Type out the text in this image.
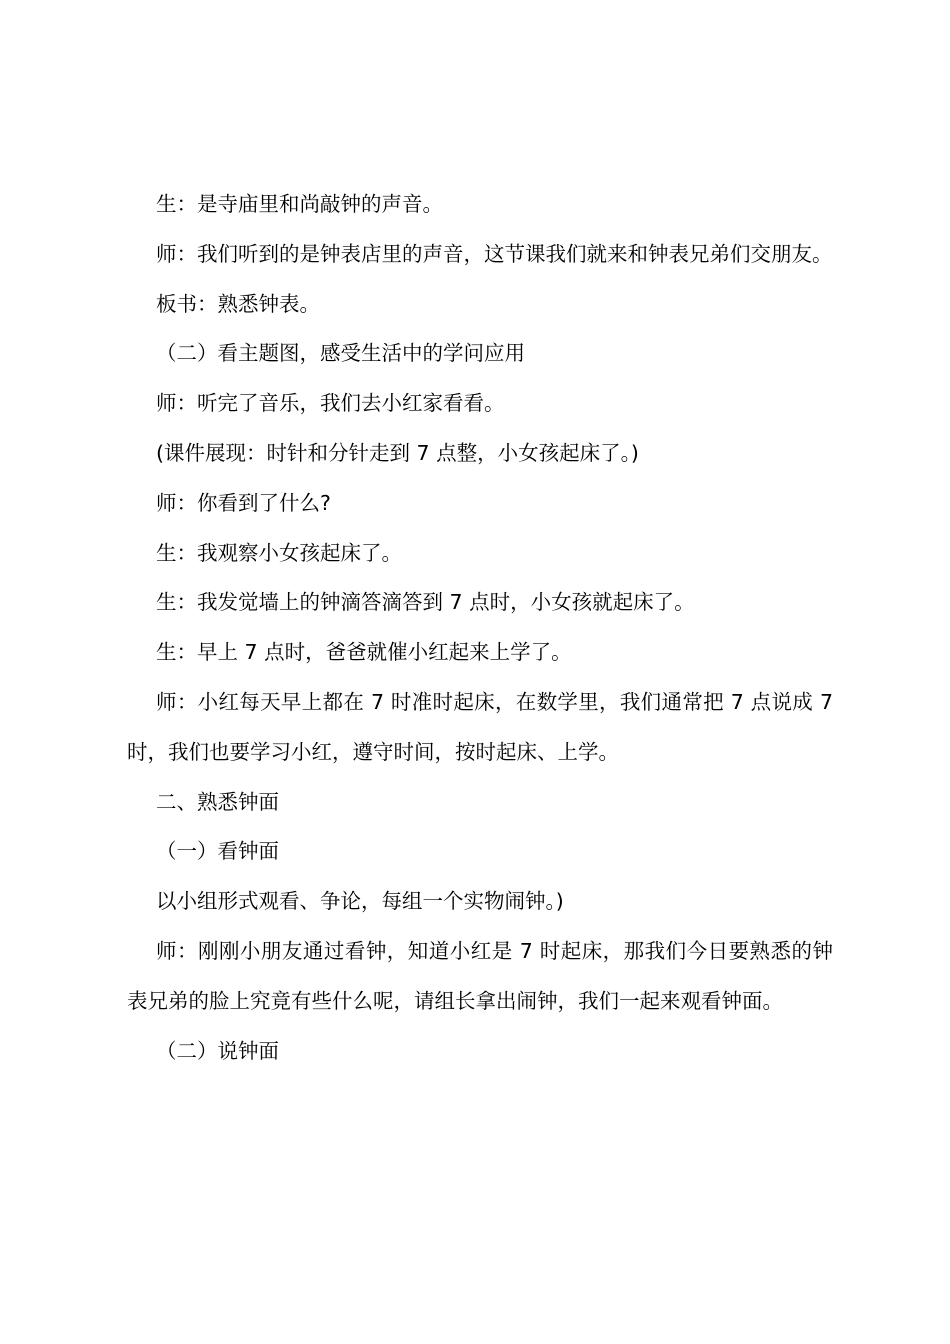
生：是寺庙里和尚敲钟的声音。

师：我们听到的是钟表店里的声音，这节课我们就来和钟表兄弟们交朋友。

板书：熟悉钟表。

（二）看主题图，感受生活中的学问应用

师：听完了音乐，我们去小红家看看。

(课件展现：时针和分针走到 7 点整，小女孩起床了。)

师：你看到了什么?

生：我观察小女孩起床了。

生：我发觉墙上的钟滴答滴答到 7 点时，小女孩就起床了。

生：早上 7 点时，爸爸就催小红起来上学了。

师：小红每天早上都在 7 时准时起床，在数学里，我们通常把 7 点说成 7 时，我们也要学习小红，遵守时间，按时起床、上学。

二、熟悉钟面

（一）看钟面

以小组形式观看、争论，每组一个实物闹钟。)

师：刚刚小朋友通过看钟，知道小红是 7 时起床，那我们今日要熟悉的钟表兄弟的脸上究竟有些什么呢，请组长拿出闹钟，我们一起来观看钟面。

（二）说钟面
